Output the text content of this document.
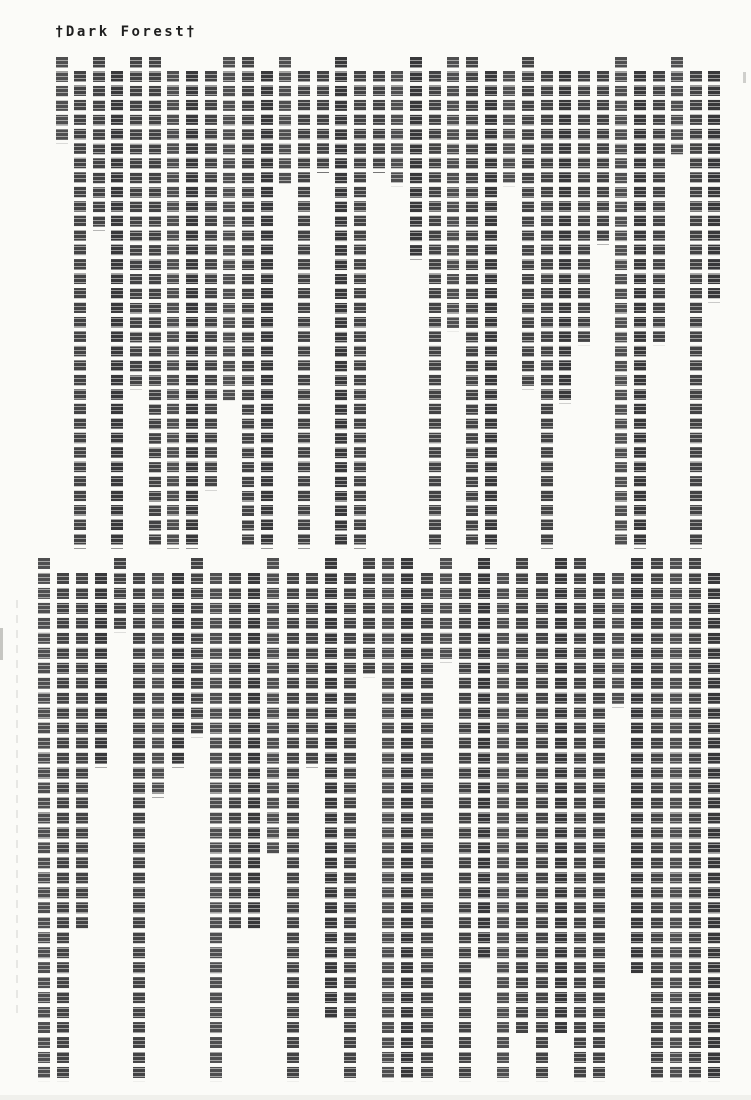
†Dark Forest†
